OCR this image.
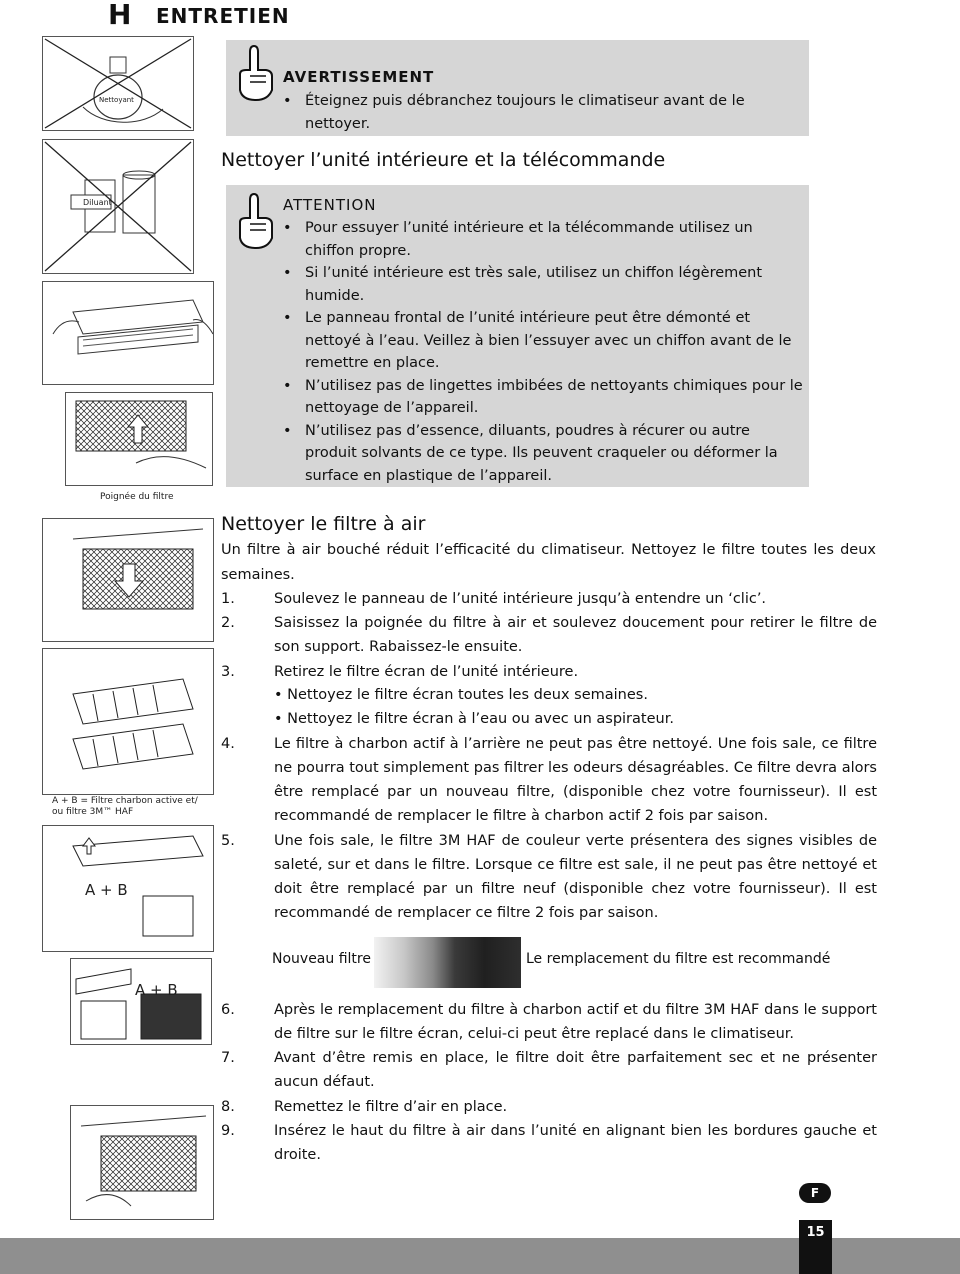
H ENTRETIEN
Nettoyant
Diluant
Poignée du filtre
A + B = Filtre charbon active et/
ou filtre 3M™ HAF
A + B
A + B
AVERTISSEMENT
• Éteignez puis débranchez toujours le climatiseur avant de le nettoyer.
Nettoyer l’unité intérieure et la télécommande
ATTENTION
• Pour essuyer l’unité intérieure et la télécommande utilisez un chiffon propre.
• Si l’unité intérieure est très sale, utilisez un chiffon légèrement humide.
• Le panneau frontal de l’unité intérieure peut être démonté et nettoyé à l’eau. Veillez à bien l’essuyer avec un chiffon avant de le remettre en place.
• N’utilisez pas de lingettes imbibées de nettoyants chimiques pour le nettoyage de l’appareil.
• N’utilisez pas d’essence, diluants, poudres à récurer ou autre produit solvants de ce type. Ils peuvent craqueler ou déformer la surface en plastique de l’appareil.
Nettoyer le filtre à air
Un filtre à air bouché réduit l’efficacité du climatiseur. Nettoyez le filtre toutes les deux semaines.
1.	Soulevez le panneau de l’unité intérieure jusqu’à entendre un ‘clic’.
2.	Saisissez la poignée du filtre à air et soulevez doucement pour retirer le filtre de son support. Rabaissez-le ensuite.
3.	Retirez le filtre écran de l’unité intérieure.
• Nettoyez le filtre écran toutes les deux semaines.
• Nettoyez le filtre écran à l’eau ou avec un aspirateur.
4.	Le filtre à charbon actif à l’arrière ne peut pas être nettoyé. Une fois sale, ce filtre ne pourra tout simplement pas filtrer les odeurs désagréables. Ce filtre devra alors être remplacé par un nouveau filtre, (disponible chez votre fournisseur). Il est recommandé de remplacer le filtre à charbon actif 2 fois par saison.
5.	Une fois sale, le filtre 3M HAF de couleur verte présentera des signes visibles de saleté, sur et dans le filtre. Lorsque ce filtre est sale, il ne peut pas être nettoyé et doit être remplacé par un filtre neuf (disponible chez votre fournisseur). Il est recommandé de remplacer ce filtre 2 fois par saison.
Nouveau filtre	Le remplacement du filtre est recommandé
6.	Après le remplacement du filtre à charbon actif et du filtre 3M HAF dans le support de filtre sur le filtre écran, celui-ci peut être replacé dans le climatiseur.
7.	Avant d’être remis en place, le filtre doit être parfaitement sec et ne présenter aucun défaut.
8.	Remettez le filtre d’air en place.
9.	Insérez le haut du filtre à air dans l’unité en alignant bien les bordures gauche et droite.
F
15
